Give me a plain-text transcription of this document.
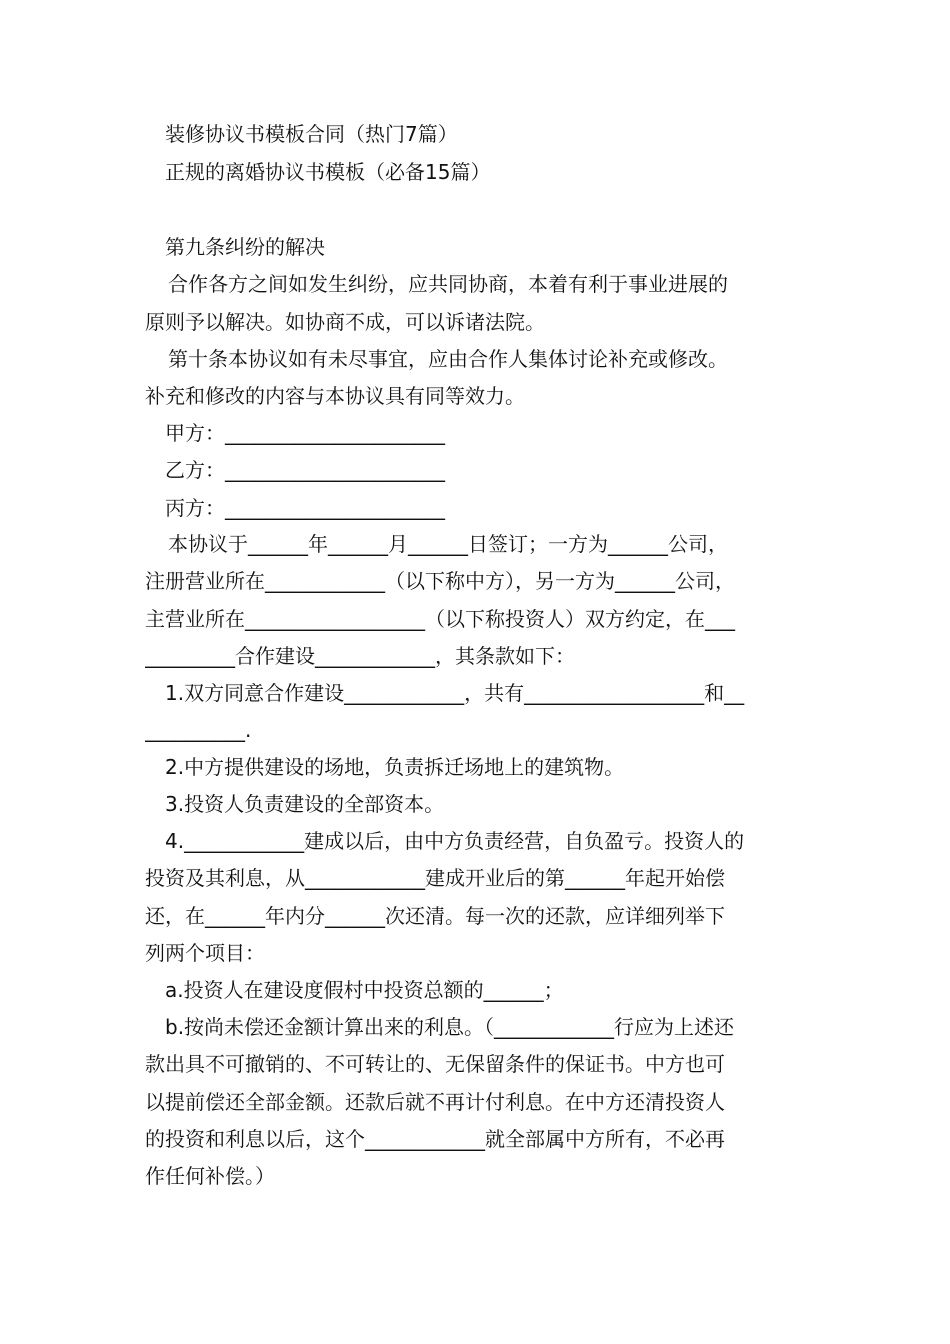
装修协议书模板合同（热门7篇）
正规的离婚协议书模板（必备15篇）
第九条纠纷的解决
合作各方之间如发生纠纷，应共同协商，本着有利于事业进展的
原则予以解决。如协商不成，可以诉诸法院。
第十条本协议如有未尽事宜，应由合作人集体讨论补充或修改。
补充和修改的内容与本协议具有同等效力。
甲方：______________________
乙方：______________________
丙方：______________________
本协议于______年______月______日签订；一方为______公司，
注册营业所在____________（以下称中方），另一方为______公司，
主营业所在__________________（以下称投资人）双方约定，在___
_________合作建设____________，其条款如下：
1.双方同意合作建设____________，共有__________________和__
__________.
2.中方提供建设的场地，负责拆迁场地上的建筑物。
3.投资人负责建设的全部资本。
4.____________建成以后，由中方负责经营，自负盈亏。投资人的
投资及其利息，从____________建成开业后的第______年起开始偿
还，在______年内分______次还清。每一次的还款，应详细列举下
列两个项目：
a.投资人在建设度假村中投资总额的______；
b.按尚未偿还金额计算出来的利息。（____________行应为上述还
款出具不可撤销的、不可转让的、无保留条件的保证书。中方也可
以提前偿还全部金额。还款后就不再计付利息。在中方还清投资人
的投资和利息以后，这个____________就全部属中方所有，不必再
作任何补偿。）
